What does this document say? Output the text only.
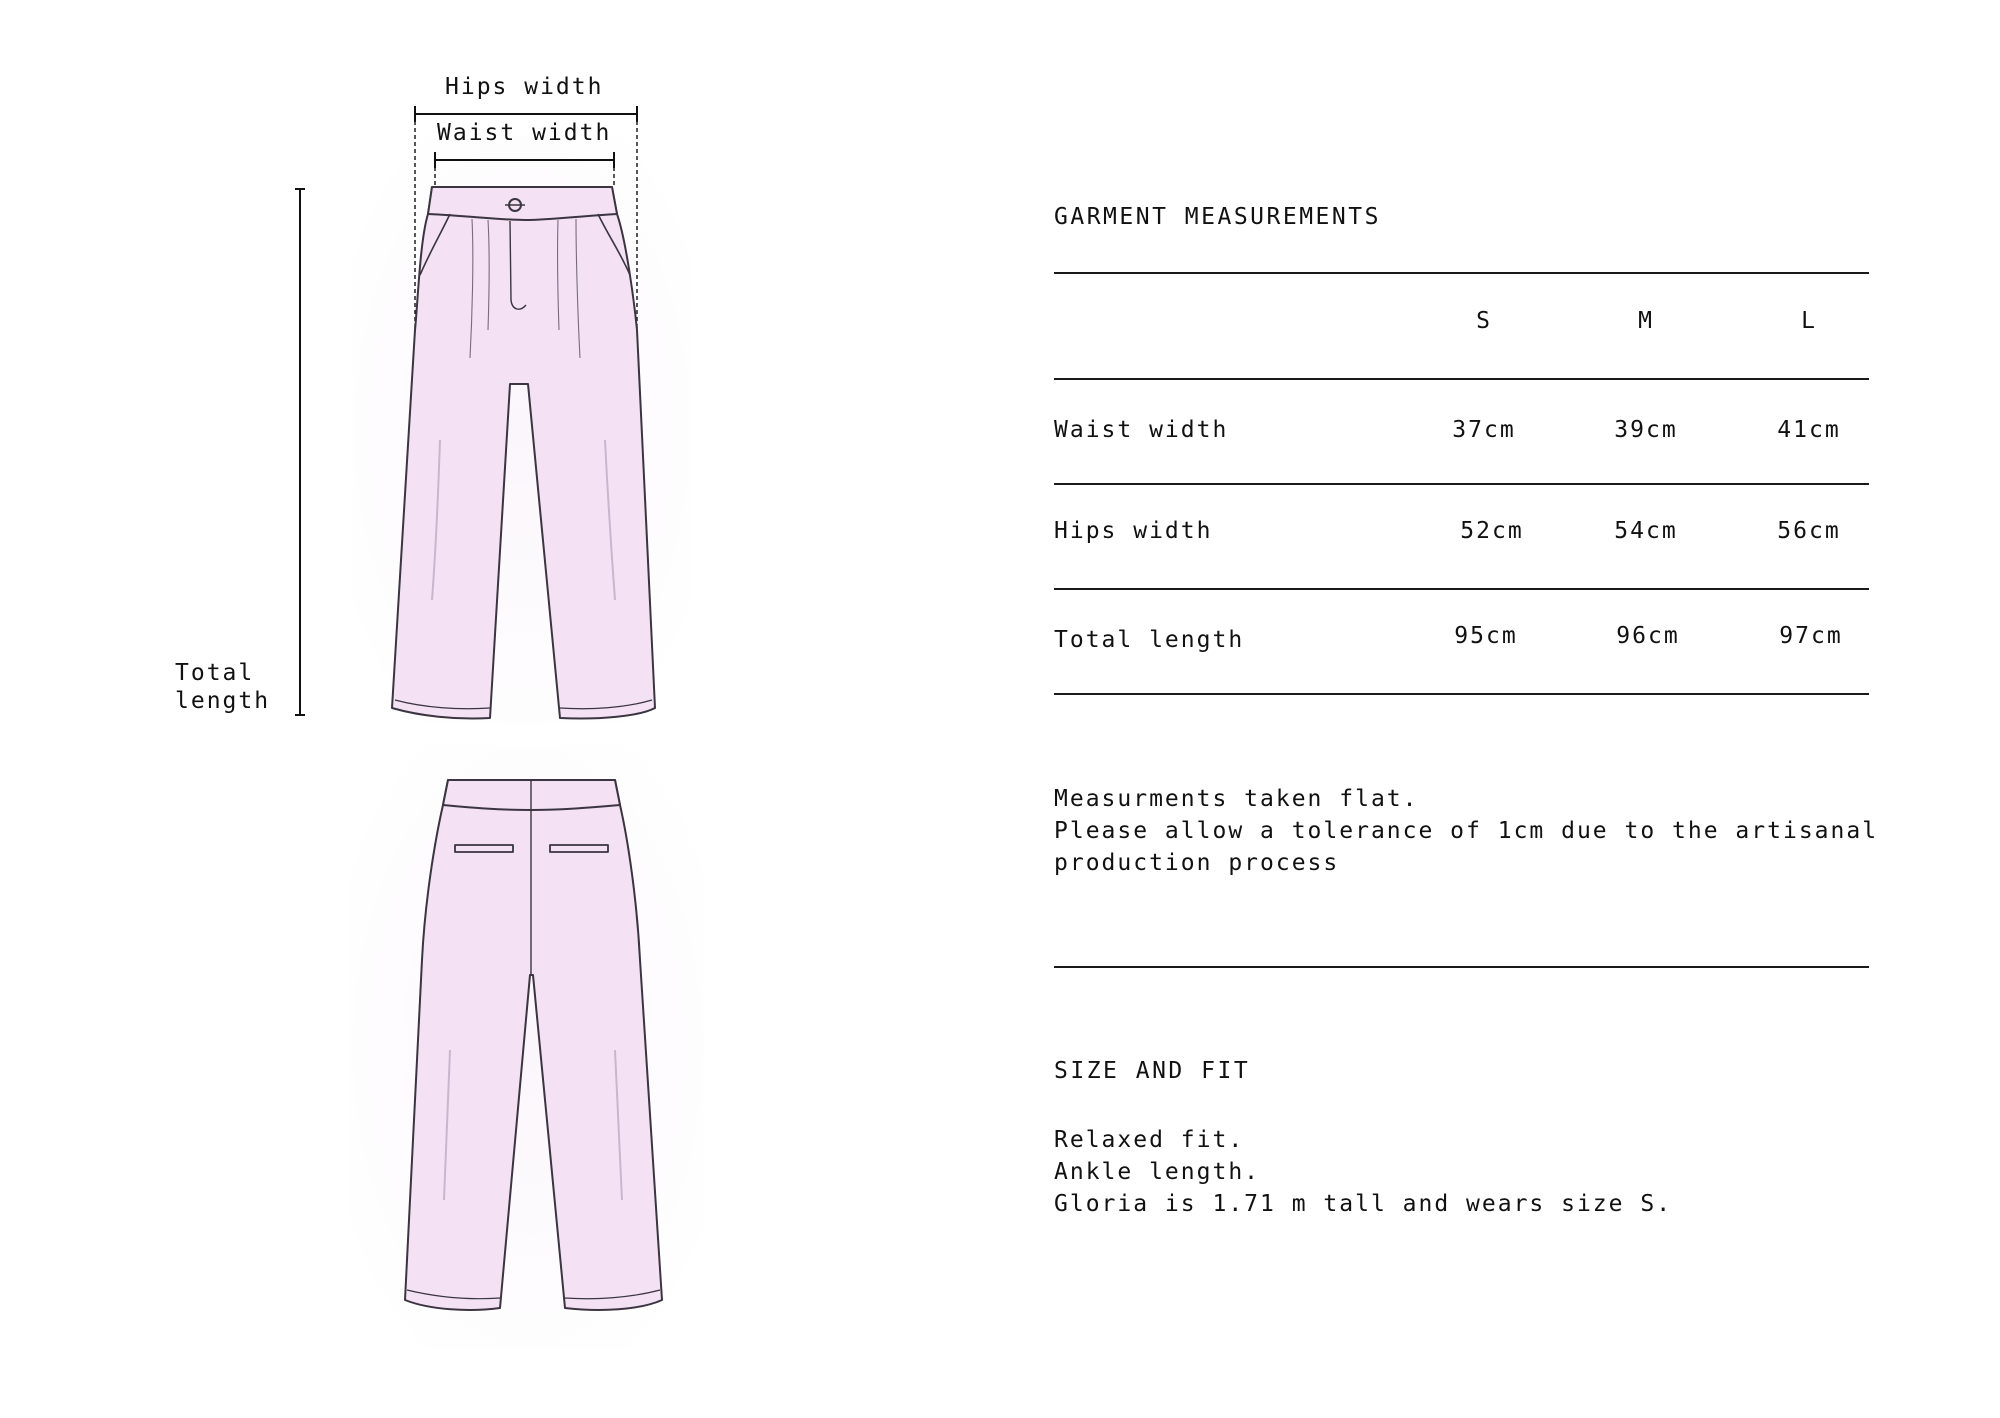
Hips width
Waist width
Total
length
GARMENT MEASUREMENTS
S	M	L
Waist width	37cm	39cm	41cm
Hips width	52cm	54cm	56cm
Total length	95cm	96cm	97cm
Measurments taken flat.
Please allow a tolerance of 1cm due to the artisanal
production process
SIZE AND FIT
Relaxed fit.
Ankle length.
Gloria is 1.71 m tall and wears size S.
